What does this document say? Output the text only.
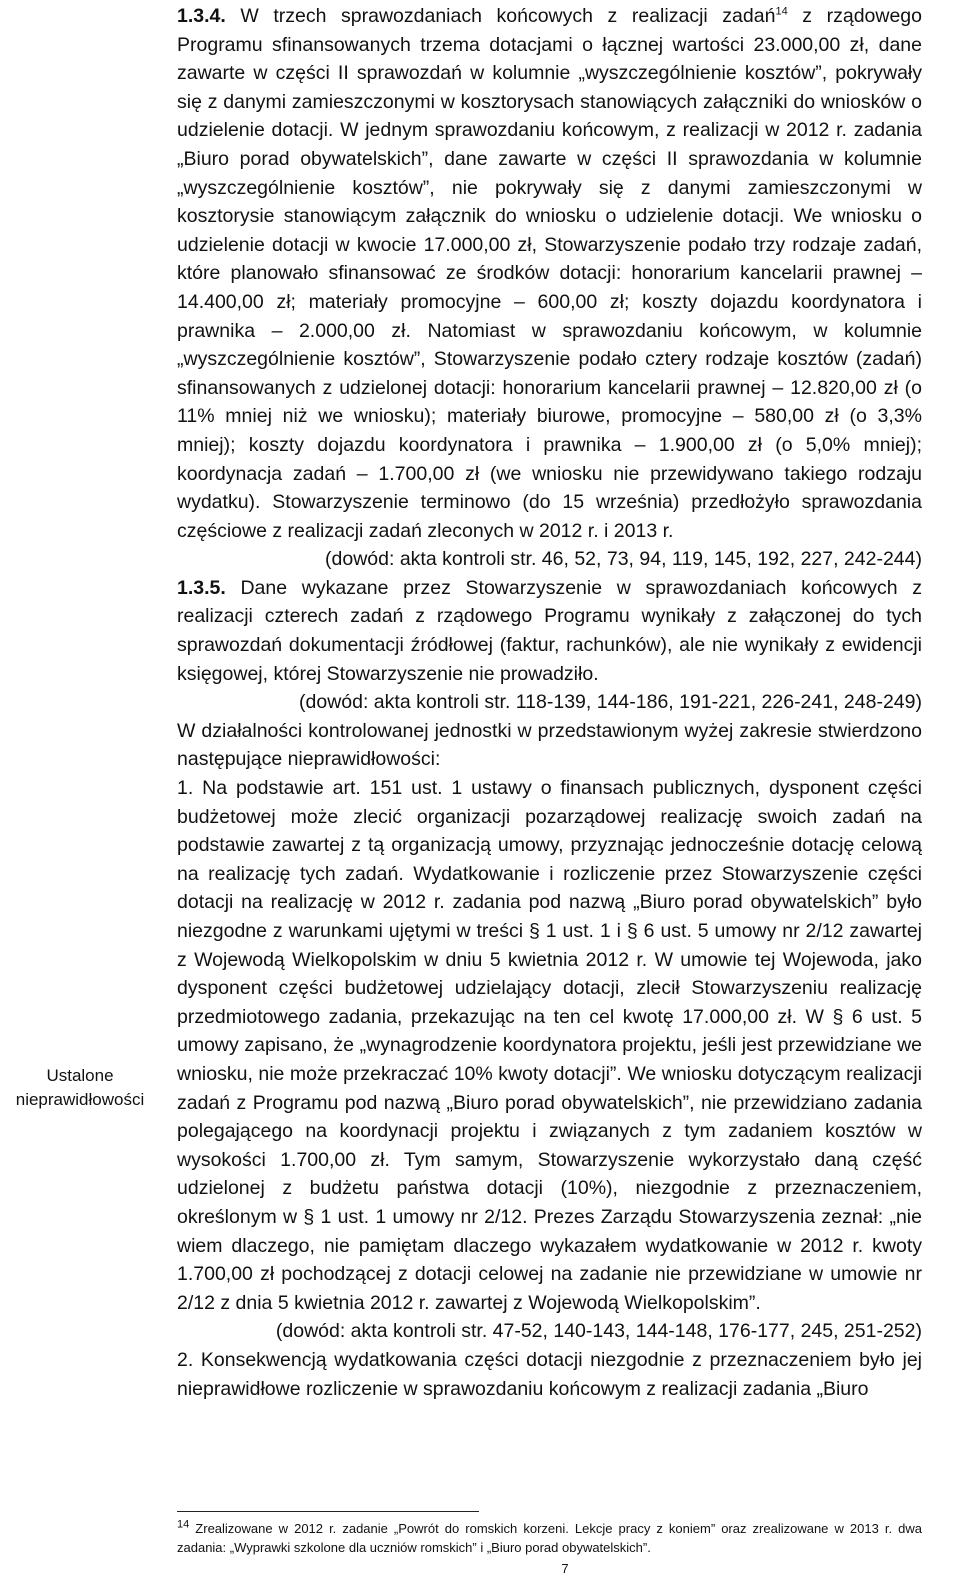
Ustalone
nieprawidłowości

1.3.4. W trzech sprawozdaniach końcowych z realizacji zadań$^{14}$ z rządowego Programu sfinansowanych trzema dotacjami o łącznej wartości 23.000,00 zł, dane zawarte w części II sprawozdań w kolumnie „wyszczególnienie kosztów”, pokrywały się z danymi zamieszczonymi w kosztorysach stanowiących załączniki do wniosków o udzielenie dotacji. W jednym sprawozdaniu końcowym, z realizacji w 2012 r. zadania „Biuro porad obywatelskich”, dane zawarte w części II sprawozdania w kolumnie „wyszczególnienie kosztów”, nie pokrywały się z danymi zamieszczonymi w kosztorysie stanowiącym załącznik do wniosku o udzielenie dotacji. We wniosku o udzielenie dotacji w kwocie 17.000,00 zł, Stowarzyszenie podało trzy rodzaje zadań, które planowało sfinansować ze środków dotacji: honorarium kancelarii prawnej – 14.400,00 zł; materiały promocyjne – 600,00 zł; koszty dojazdu koordynatora i prawnika – 2.000,00 zł. Natomiast w sprawozdaniu końcowym, w kolumnie „wyszczególnienie kosztów”, Stowarzyszenie podało cztery rodzaje kosztów (zadań) sfinansowanych z udzielonej dotacji: honorarium kancelarii prawnej – 12.820,00 zł (o 11% mniej niż we wniosku); materiały biurowe, promocyjne – 580,00 zł (o 3,3% mniej); koszty dojazdu koordynatora i prawnika – 1.900,00 zł (o 5,0% mniej); koordynacja zadań – 1.700,00 zł (we wniosku nie przewidywano takiego rodzaju wydatku). Stowarzyszenie terminowo (do 15 września) przedłożyło sprawozdania częściowe z realizacji zadań zleconych w 2012 r. i 2013 r.

(dowód: akta kontroli str. 46, 52, 73, 94, 119, 145, 192, 227, 242-244)

1.3.5. Dane wykazane przez Stowarzyszenie w sprawozdaniach końcowych z realizacji czterech zadań z rządowego Programu wynikały z załączonej do tych sprawozdań dokumentacji źródłowej (faktur, rachunków), ale nie wynikały z ewidencji księgowej, której Stowarzyszenie nie prowadziło.

(dowód: akta kontroli str. 118-139, 144-186, 191-221, 226-241, 248-249)

W działalności kontrolowanej jednostki w przedstawionym wyżej zakresie stwierdzono następujące nieprawidłowości:

1. Na podstawie art. 151 ust. 1 ustawy o finansach publicznych, dysponent części budżetowej może zlecić organizacji pozarządowej realizację swoich zadań na podstawie zawartej z tą organizacją umowy, przyznając jednocześnie dotację celową na realizację tych zadań. Wydatkowanie i rozliczenie przez Stowarzyszenie części dotacji na realizację w 2012 r. zadania pod nazwą „Biuro porad obywatelskich” było niezgodne z warunkami ujętymi w treści § 1 ust. 1 i § 6 ust. 5 umowy nr 2/12 zawartej z Wojewodą Wielkopolskim w dniu 5 kwietnia 2012 r. W umowie tej Wojewoda, jako dysponent części budżetowej udzielający dotacji, zlecił Stowarzyszeniu realizację przedmiotowego zadania, przekazując na ten cel kwotę 17.000,00 zł. W § 6 ust. 5 umowy zapisano, że „wynagrodzenie koordynatora projektu, jeśli jest przewidziane we wniosku, nie może przekraczać 10% kwoty dotacji”. We wniosku dotyczącym realizacji zadań z Programu pod nazwą „Biuro porad obywatelskich”, nie przewidziano zadania polegającego na koordynacji projektu i związanych z tym zadaniem kosztów w wysokości 1.700,00 zł. Tym samym, Stowarzyszenie wykorzystało daną część udzielonej z budżetu państwa dotacji (10%), niezgodnie z przeznaczeniem, określonym w § 1 ust. 1 umowy nr 2/12. Prezes Zarządu Stowarzyszenia zeznał: „nie wiem dlaczego, nie pamiętam dlaczego wykazałem wydatkowanie w 2012 r. kwoty 1.700,00 zł pochodzącej z dotacji celowej na zadanie nie przewidziane w umowie nr 2/12 z dnia 5 kwietnia 2012 r. zawartej z Wojewodą Wielkopolskim”.

(dowód: akta kontroli str. 47-52, 140-143, 144-148, 176-177, 245, 251-252)

2. Konsekwencją wydatkowania części dotacji niezgodnie z przeznaczeniem było jej nieprawidłowe rozliczenie w sprawozdaniu końcowym z realizacji zadania „Biuro

$^{14}$ Zrealizowane w 2012 r. zadanie „Powrót do romskich korzeni. Lekcje pracy z koniem” oraz zrealizowane w 2013 r. dwa zadania: „Wyprawki szkolone dla uczniów romskich” i „Biuro porad obywatelskich”.
7
